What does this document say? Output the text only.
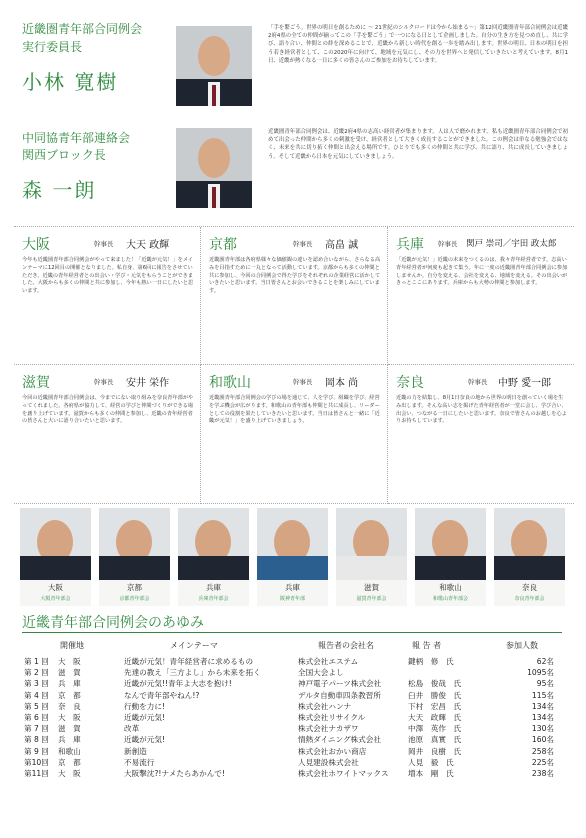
近畿圏青年部合同例会
実行委員長
小林 寛樹
「手を繋ごう。世界の明日を創るために ～ 21世紀のシルクロードは今から始まる～」第12回近畿圏青年部合同例会は近畿2府4県の全ての仲間が揃ってこの「手を繋ごう」で一つになる日として企画しました。自分の生き方を見つめ直し、共に学び、語り合い、仲間との絆を深めることで、近畿から新しい時代を創る一歩を踏み出します。世界の明日、日本の明日を担う若き経営者として、この2020年に向けて、地域を元気にし、その力を世界へと発信していきたいと考えています。8月1日、近畿が熱くなる一日に多くの皆さんのご参加をお待ちしています。
中同協青年部連絡会
関西ブロック長
森 一朗
近畿圏青年部合同例会は、近畿2府4県の志高い経営者が集まります。人は人で磨かれます。私も近畿圏青年部合同例会で初めて出会った仲間から多くの刺激を受け、経営者として大きく成長することができました。この例会は単なる勉強会ではなく、未来を共に切り拓く仲間と出会える場所です。ひとりでも多くの仲間と共に学び、共に語り、共に成長していきましょう。そして近畿から日本を元気にしていきましょう。
大阪	幹事長 大天 政輝
今年も近畿圏青年部合同例会がやって来ました！「近畿が元気！」をメインテーマに12回目の開催となりました。私自身、第6回に報告をさせていただき、近畿の青年経営者との出会い・学び・元気をもらうことができました。大阪からも多くの仲間と共に参加し、今年も熱い一日にしたいと思います。
京都	幹事長 高畠 誠
近畿圏青年部は各府県様々な価値観の違いを認め合いながら、さらなる高みを目指すために一丸となって活動しています。京都からも多くの仲間と共に参加し、今回の合同例会で得た学びをそれぞれの企業経営に活かしていきたいと思います。当日皆さんとお会いできることを楽しみにしています。
兵庫 幹事長 関戸 崇司／宇田 政太郎
「近畿が元気！」近畿の未来をつくるのは、我々青年経営者です。志高い青年経営者が何度も起きて集う。年に一度の近畿圏青年部合同例会に参加しませんか。自分を変える、会社を変える、地域を変える。その出会いがきっとここにあります。兵庫からも大勢の仲間と参加します。
滋賀	幹事長 安井 栄作
今回の近畿圏青年部合同例会は、今までにない取り組みを奈良青年部がやってくれました。各府県が協力して、経営の学びと仲間づくりができる場を創り上げています。滋賀からも多くの仲間と参加し、近畿の青年経営者の皆さんと大いに語り合いたいと思います。
和歌山	幹事長 岡本 尚
近畿圏青年部合同例会の学びの場を通じて、人を学び、組織を学び、経営を学ぶ機会が広がります。和歌山の青年部も仲間と共に成長し、リーダーとしての役割を果たしていきたいと思います。当日は皆さんと一緒に「近畿が元気！」を盛り上げていきましょう。
奈良	幹事長 中野 愛一郎
近畿の力を結集し、8月1日奈良の地から世界の明日を創っていく場を生み出します。そんな高い志を掲げた青年経営者が一堂に会し、学び合い、出会い、つながる一日にしたいと思います。奈良で皆さんのお越しを心よりお待ちしています。
大阪
大阪青年部会
京都
京都青年部会
兵庫
兵庫青年部会
兵庫
阪神青年部
滋賀
滋賀青年部会
和歌山
和歌山青年部会
奈良
奈良青年部会
近畿青年部合同例会のあゆみ
開催地	メインテーマ	報告者の会社名	報 告 者	参加人数
第 1 回	大　阪	近畿が元気！青年経営者に求めるもの	株式会社エステム	鍵柄　修　氏	62名
第 2 回	滋　賀	先達の教え「三方よし」から未来を拓く	全国大会よし		1095名
第 3 回	兵　庫	近畿が元気!!青年よ大志を抱け!	神戸電子パーツ株式会社	松島　俊哉　氏	95名
第 4 回	京　都	なんで青年部やねん!?	デルタ自動車四条教習所	臼井　勝俊　氏	115名
第 5 回	奈　良	行動を力に!	株式会社ハンナ	下村　宏昌　氏	134名
第 6 回	大　阪	近畿が元気!	株式会社リサイクル	大天　政輝　氏	134名
第 7 回	滋　賀	改革	株式会社ナカザワ	中澤　英作　氏	130名
第 8 回	兵　庫	近畿が元気!	情熱ダイニング株式会社	池原　真實　氏	160名
第 9 回	和歌山	新創造	株式会社おかい商店	岡井　良樹　氏	258名
第10回	京　都	不易流行	人見建設株式会社	人見　毅　氏	225名
第11回	大　阪	大阪撃沈?!ナメたらあかんで!	株式会社ホワイトマックス	増本　剛　氏	238名
